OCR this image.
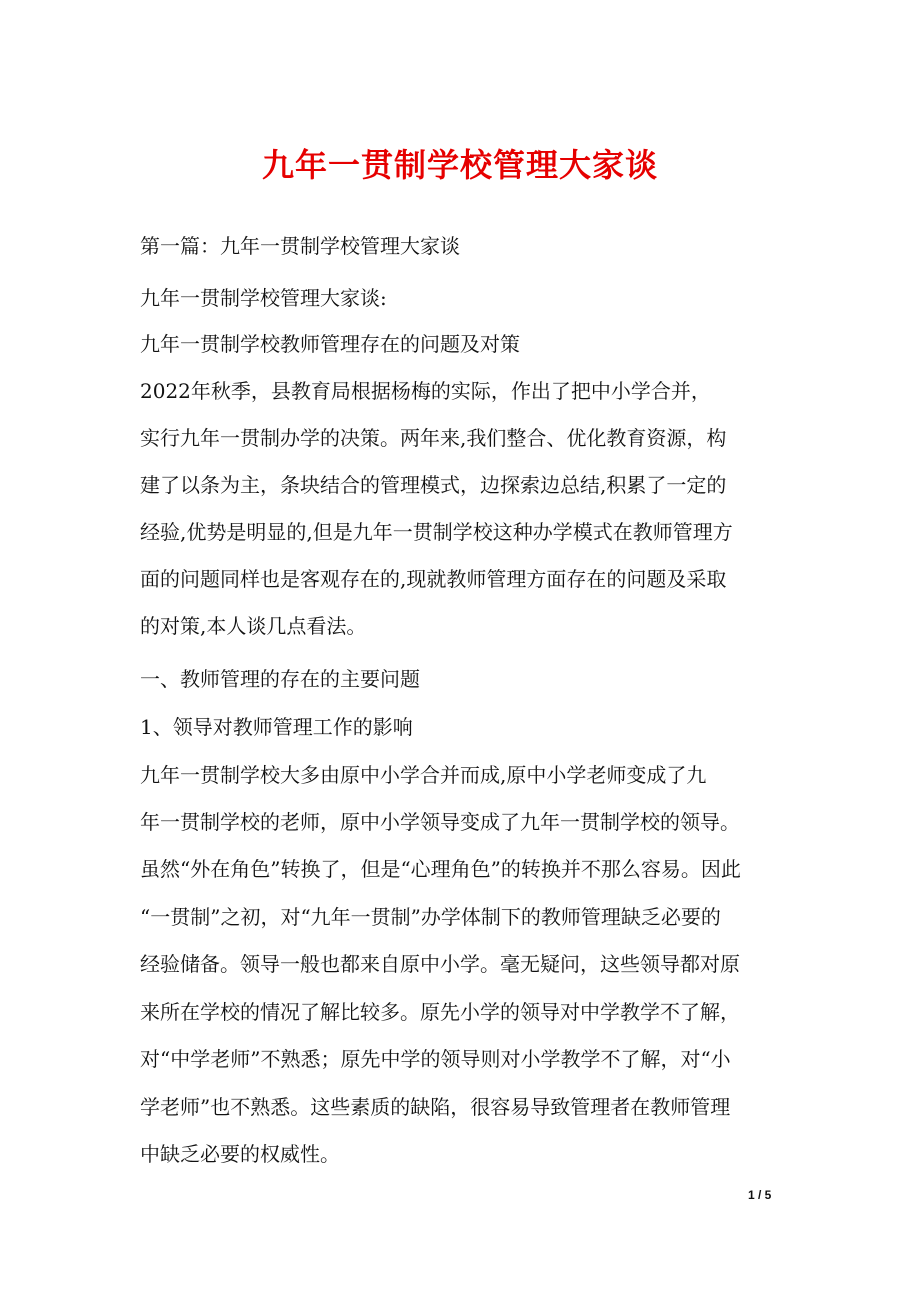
九年一贯制学校管理大家谈
第一篇：九年一贯制学校管理大家谈
九年一贯制学校管理大家谈:
九年一贯制学校教师管理存在的问题及对策
2022年秋季，县教育局根据杨梅的实际，作出了把中小学合并，
实行九年一贯制办学的决策。两年来,我们整合、优化教育资源，构
建了以条为主，条块结合的管理模式，边探索边总结,积累了一定的
经验,优势是明显的,但是九年一贯制学校这种办学模式在教师管理方
面的问题同样也是客观存在的,现就教师管理方面存在的问题及采取
的对策,本人谈几点看法。
一、教师管理的存在的主要问题
1、领导对教师管理工作的影响
九年一贯制学校大多由原中小学合并而成,原中小学老师变成了九
年一贯制学校的老师，原中小学领导变成了九年一贯制学校的领导。
虽然“外在角色”转换了，但是“心理角色”的转换并不那么容易。因此
“一贯制”之初，对“九年一贯制”办学体制下的教师管理缺乏必要的
经验储备。领导一般也都来自原中小学。毫无疑问，这些领导都对原
来所在学校的情况了解比较多。原先小学的领导对中学教学不了解，
对“中学老师”不熟悉；原先中学的领导则对小学教学不了解，对“小
学老师”也不熟悉。这些素质的缺陷，很容易导致管理者在教师管理
中缺乏必要的权威性。
1 / 5
